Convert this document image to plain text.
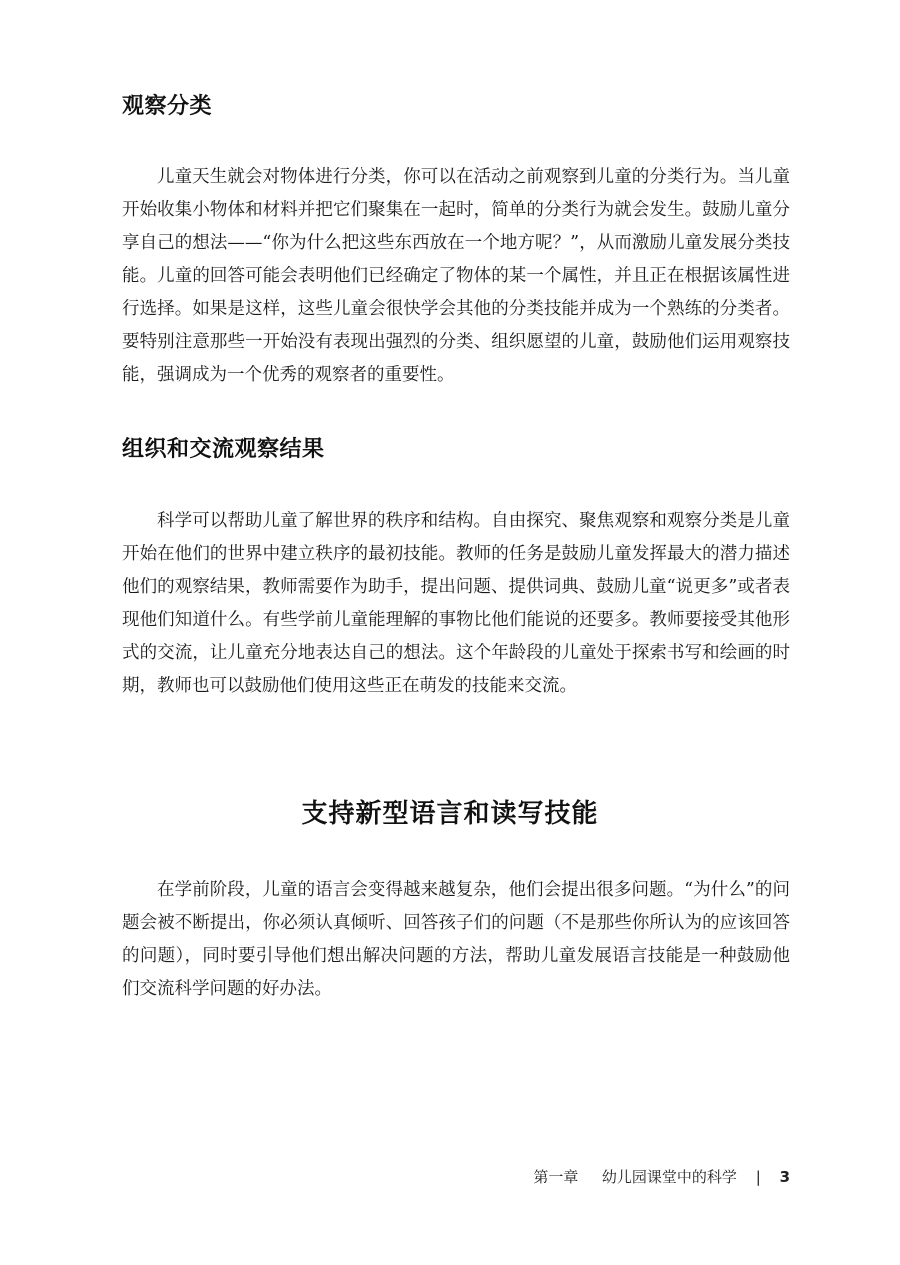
观察分类

儿童天生就会对物体进行分类，你可以在活动之前观察到儿童的分类行为。当儿童开始收集小物体和材料并把它们聚集在一起时，简单的分类行为就会发生。鼓励儿童分享自己的想法——“你为什么把这些东西放在一个地方呢？”，从而激励儿童发展分类技能。儿童的回答可能会表明他们已经确定了物体的某一个属性，并且正在根据该属性进行选择。如果是这样，这些儿童会很快学会其他的分类技能并成为一个熟练的分类者。要特别注意那些一开始没有表现出强烈的分类、组织愿望的儿童，鼓励他们运用观察技能，强调成为一个优秀的观察者的重要性。

组织和交流观察结果

科学可以帮助儿童了解世界的秩序和结构。自由探究、聚焦观察和观察分类是儿童开始在他们的世界中建立秩序的最初技能。教师的任务是鼓励儿童发挥最大的潜力描述他们的观察结果，教师需要作为助手，提出问题、提供词典、鼓励儿童“说更多”或者表现他们知道什么。有些学前儿童能理解的事物比他们能说的还要多。教师要接受其他形式的交流，让儿童充分地表达自己的想法。这个年龄段的儿童处于探索书写和绘画的时期，教师也可以鼓励他们使用这些正在萌发的技能来交流。

支持新型语言和读写技能

在学前阶段，儿童的语言会变得越来越复杂，他们会提出很多问题。“为什么”的问题会被不断提出，你必须认真倾听、回答孩子们的问题（不是那些你所认为的应该回答的问题），同时要引导他们想出解决问题的方法，帮助儿童发展语言技能是一种鼓励他们交流科学问题的好办法。

第一章 幼儿园课堂中的科学 | 3
